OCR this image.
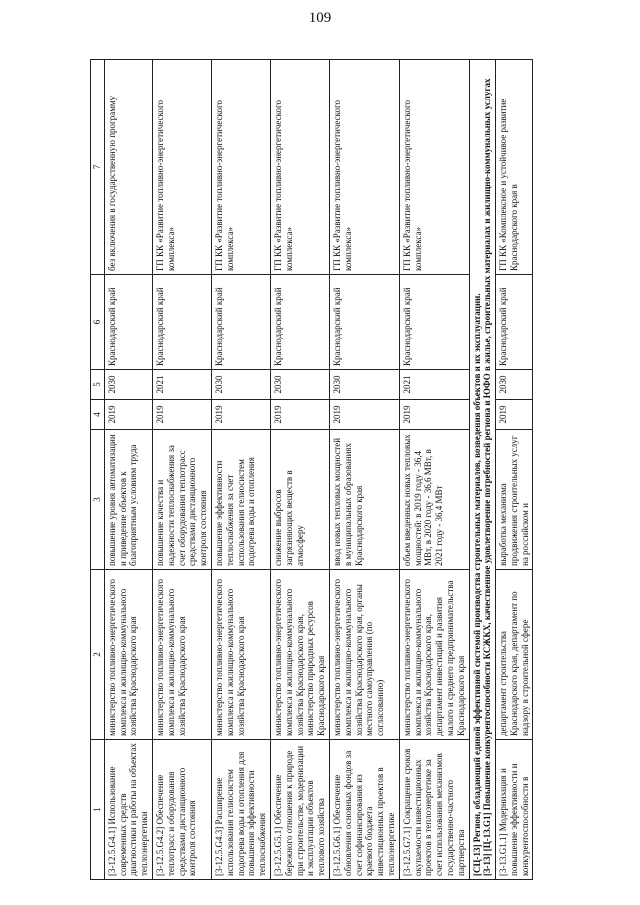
109
1	2	3	4	5	6	7
[3-12.5.G4.1] Использование современных средств диагностики и работы на объектах теплоэнергетики	министерство топливно-энергетического комплекса и жилищно-коммунального хозяйства Краснодарского края	повышение уровня автоматизации и приведение объектов к благоприятным условиям труда	2019	2030	Краснодарский край	без включения в государственную программу
[3-12.5.G4.2] Обеспечение теплотрасс и оборудования средствами дистанционного контроля состояния	министерство топливно-энергетического комплекса и жилищно-коммунального хозяйства Краснодарского края	повышение качества и надежности теплоснабжения за счет оборудования теплотрасс средствами дистанционного контроля состояния	2019	2021	Краснодарский край	ГП КК «Развитие топливно-энергетического комплекса»
[3-12.5.G4.3] Расширение использования гелиосистем подогрева воды и отопления для повышения эффективности теплоснабжения	министерство топливно-энергетического комплекса и жилищно-коммунального хозяйства Краснодарского края	повышение эффективности теплоснабжения за счет использования гелиосистем подогрева воды и отопления	2019	2030	Краснодарский край	ГП КК «Развитие топливно-энергетического комплекса»
[3-12.5.G5.1] Обеспечение бережного отношения к природе при строительстве, модернизации и эксплуатации объектов теплового хозяйства	министерство топливно-энергетического комплекса и жилищно-коммунального хозяйства Краснодарского края, министерство природных ресурсов Краснодарского края	снижение выбросов загрязняющих веществ в атмосферу	2019	2030	Краснодарский край	ГП КК «Развитие топливно-энергетического комплекса»
[3-12.5.G6.1] Обеспечение обновления основных фондов за счет софинансирования из краевого бюджета инвестиционных проектов в теплоэнергетике	министерство топливно-энергетического комплекса и жилищно-коммунального хозяйства Краснодарского края, органы местного самоуправления (по согласованию)	ввод новых тепловых мощностей в муниципальных образованиях Краснодарского края	2019	2030	Краснодарский край	ГП КК «Развитие топливно-энергетического комплекса»
[3-12.5.G7.1] Сокращение сроков окупаемости инвестиционных проектов в теплоэнергетике за счет использования механизмов государственно-частного партнерства	министерство топливно-энергетического комплекса и жилищно-коммунального хозяйства Краснодарского края, департамент инвестиций и развития малого и среднего предпринимательства Краснодарского края	объем введенных новых тепловых мощностей: в 2019 году - 36,4 МВт, в 2020 году - 36,6 МВт, в 2021 году - 36,4 МВт	2019	2021	Краснодарский край	ГП КК «Развитие топливно-энергетического комплекса»

[СЦ-13] Регион, обладающий единой эффективной системой производства строительных материалов, возведения объектов и их эксплуатации. [3-13] [Ц-13.G1] Повышение конкурентоспособности КСЖКХ, качественное удовлетворение потребностей региона и ЮФО в жилье, строительных материалах и жилищно-коммунальных услугах						

[3-13.G1.1] Модернизация и повышение эффективности и конкурентоспособности в	департамент строительства Краснодарского края, департамент по надзору в строительной сфере	выработка механизма продвижения строительных услуг на российском и	2019	2030	Краснодарский край	ГП КК «Комплексное и устойчивое развитие Краснодарского края в
